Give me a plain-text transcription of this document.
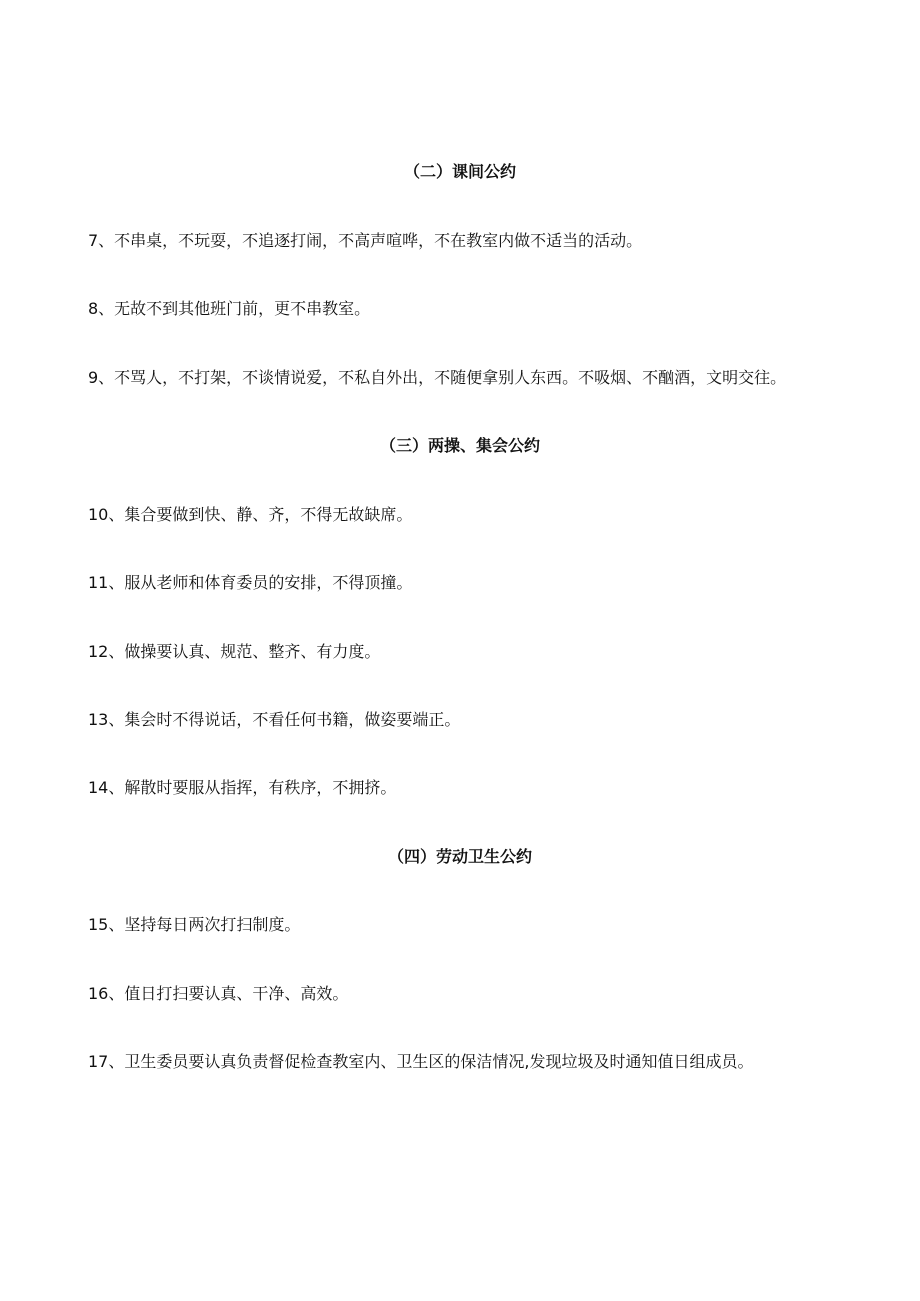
（二）课间公约
7、不串桌，不玩耍，不追逐打闹，不高声喧哗，不在教室内做不适当的活动。
8、无故不到其他班门前，更不串教室。
9、不骂人，不打架，不谈情说爱，不私自外出，不随便拿别人东西。不吸烟、不酗酒，文明交往。
（三）两操、集会公约
10、集合要做到快、静、齐，不得无故缺席。
11、服从老师和体育委员的安排，不得顶撞。
12、做操要认真、规范、整齐、有力度。
13、集会时不得说话，不看任何书籍，做姿要端正。
14、解散时要服从指挥，有秩序，不拥挤。
（四）劳动卫生公约
15、坚持每日两次打扫制度。
16、值日打扫要认真、干净、高效。
17、卫生委员要认真负责督促检查教室内、卫生区的保洁情况,发现垃圾及时通知值日组成员。
